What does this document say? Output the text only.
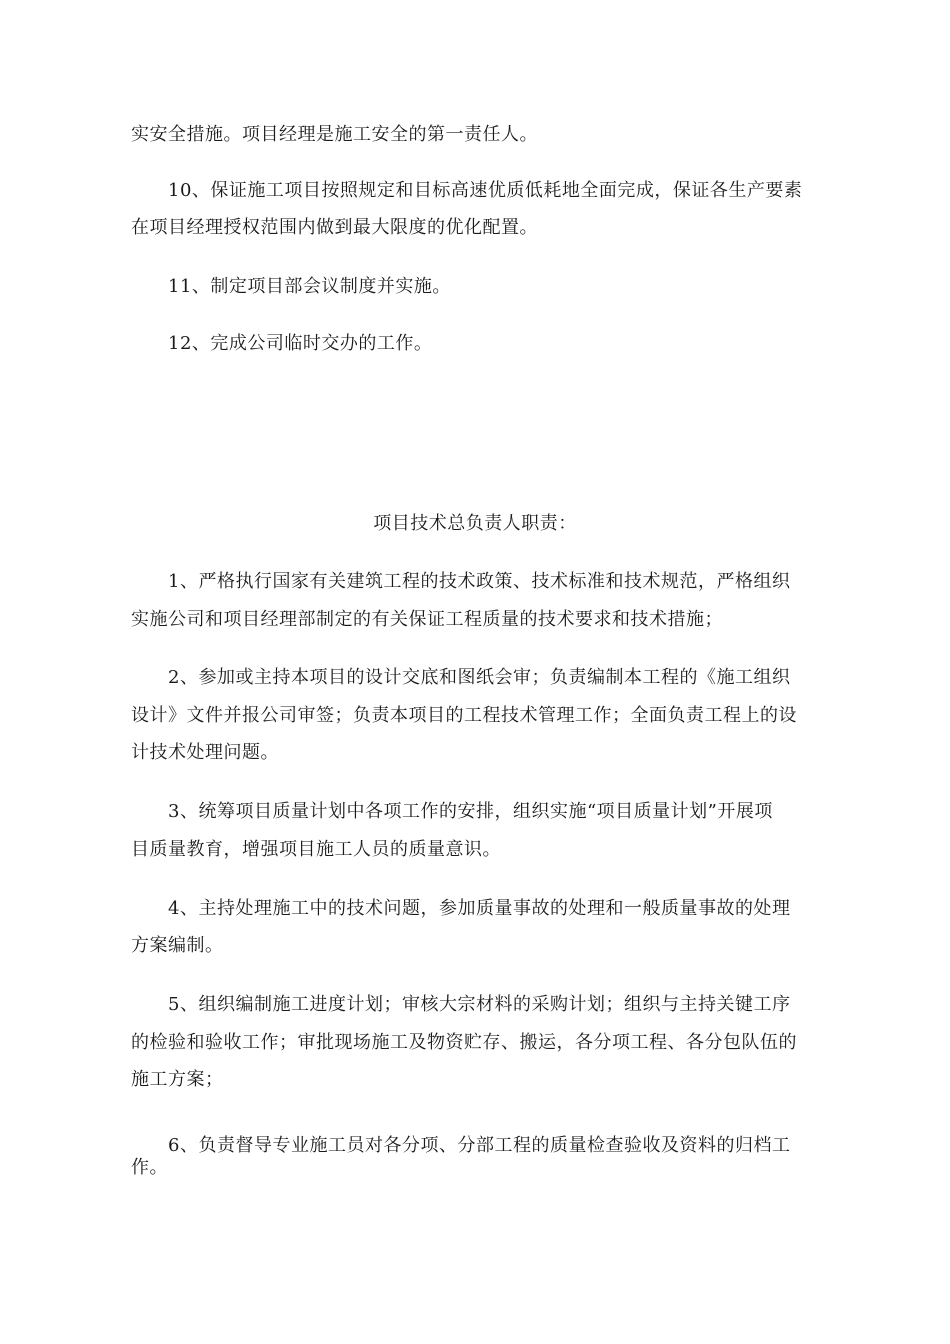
实安全措施。项目经理是施工安全的第一责任人。
10、保证施工项目按照规定和目标高速优质低耗地全面完成，保证各生产要素
在项目经理授权范围内做到最大限度的优化配置。
11、制定项目部会议制度并实施。
12、完成公司临时交办的工作。
项目技术总负责人职责：
1、严格执行国家有关建筑工程的技术政策、技术标准和技术规范，严格组织
实施公司和项目经理部制定的有关保证工程质量的技术要求和技术措施；
2、参加或主持本项目的设计交底和图纸会审；负责编制本工程的《施工组织
设计》文件并报公司审签；负责本项目的工程技术管理工作；全面负责工程上的设
计技术处理问题。
3、统筹项目质量计划中各项工作的安排，组织实施“项目质量计划”开展项
目质量教育，增强项目施工人员的质量意识。
4、主持处理施工中的技术问题，参加质量事故的处理和一般质量事故的处理
方案编制。
5、组织编制施工进度计划；审核大宗材料的采购计划；组织与主持关键工序
的检验和验收工作；审批现场施工及物资贮存、搬运，各分项工程、各分包队伍的
施工方案；
6、负责督导专业施工员对各分项、分部工程的质量检查验收及资料的归档工
作。
